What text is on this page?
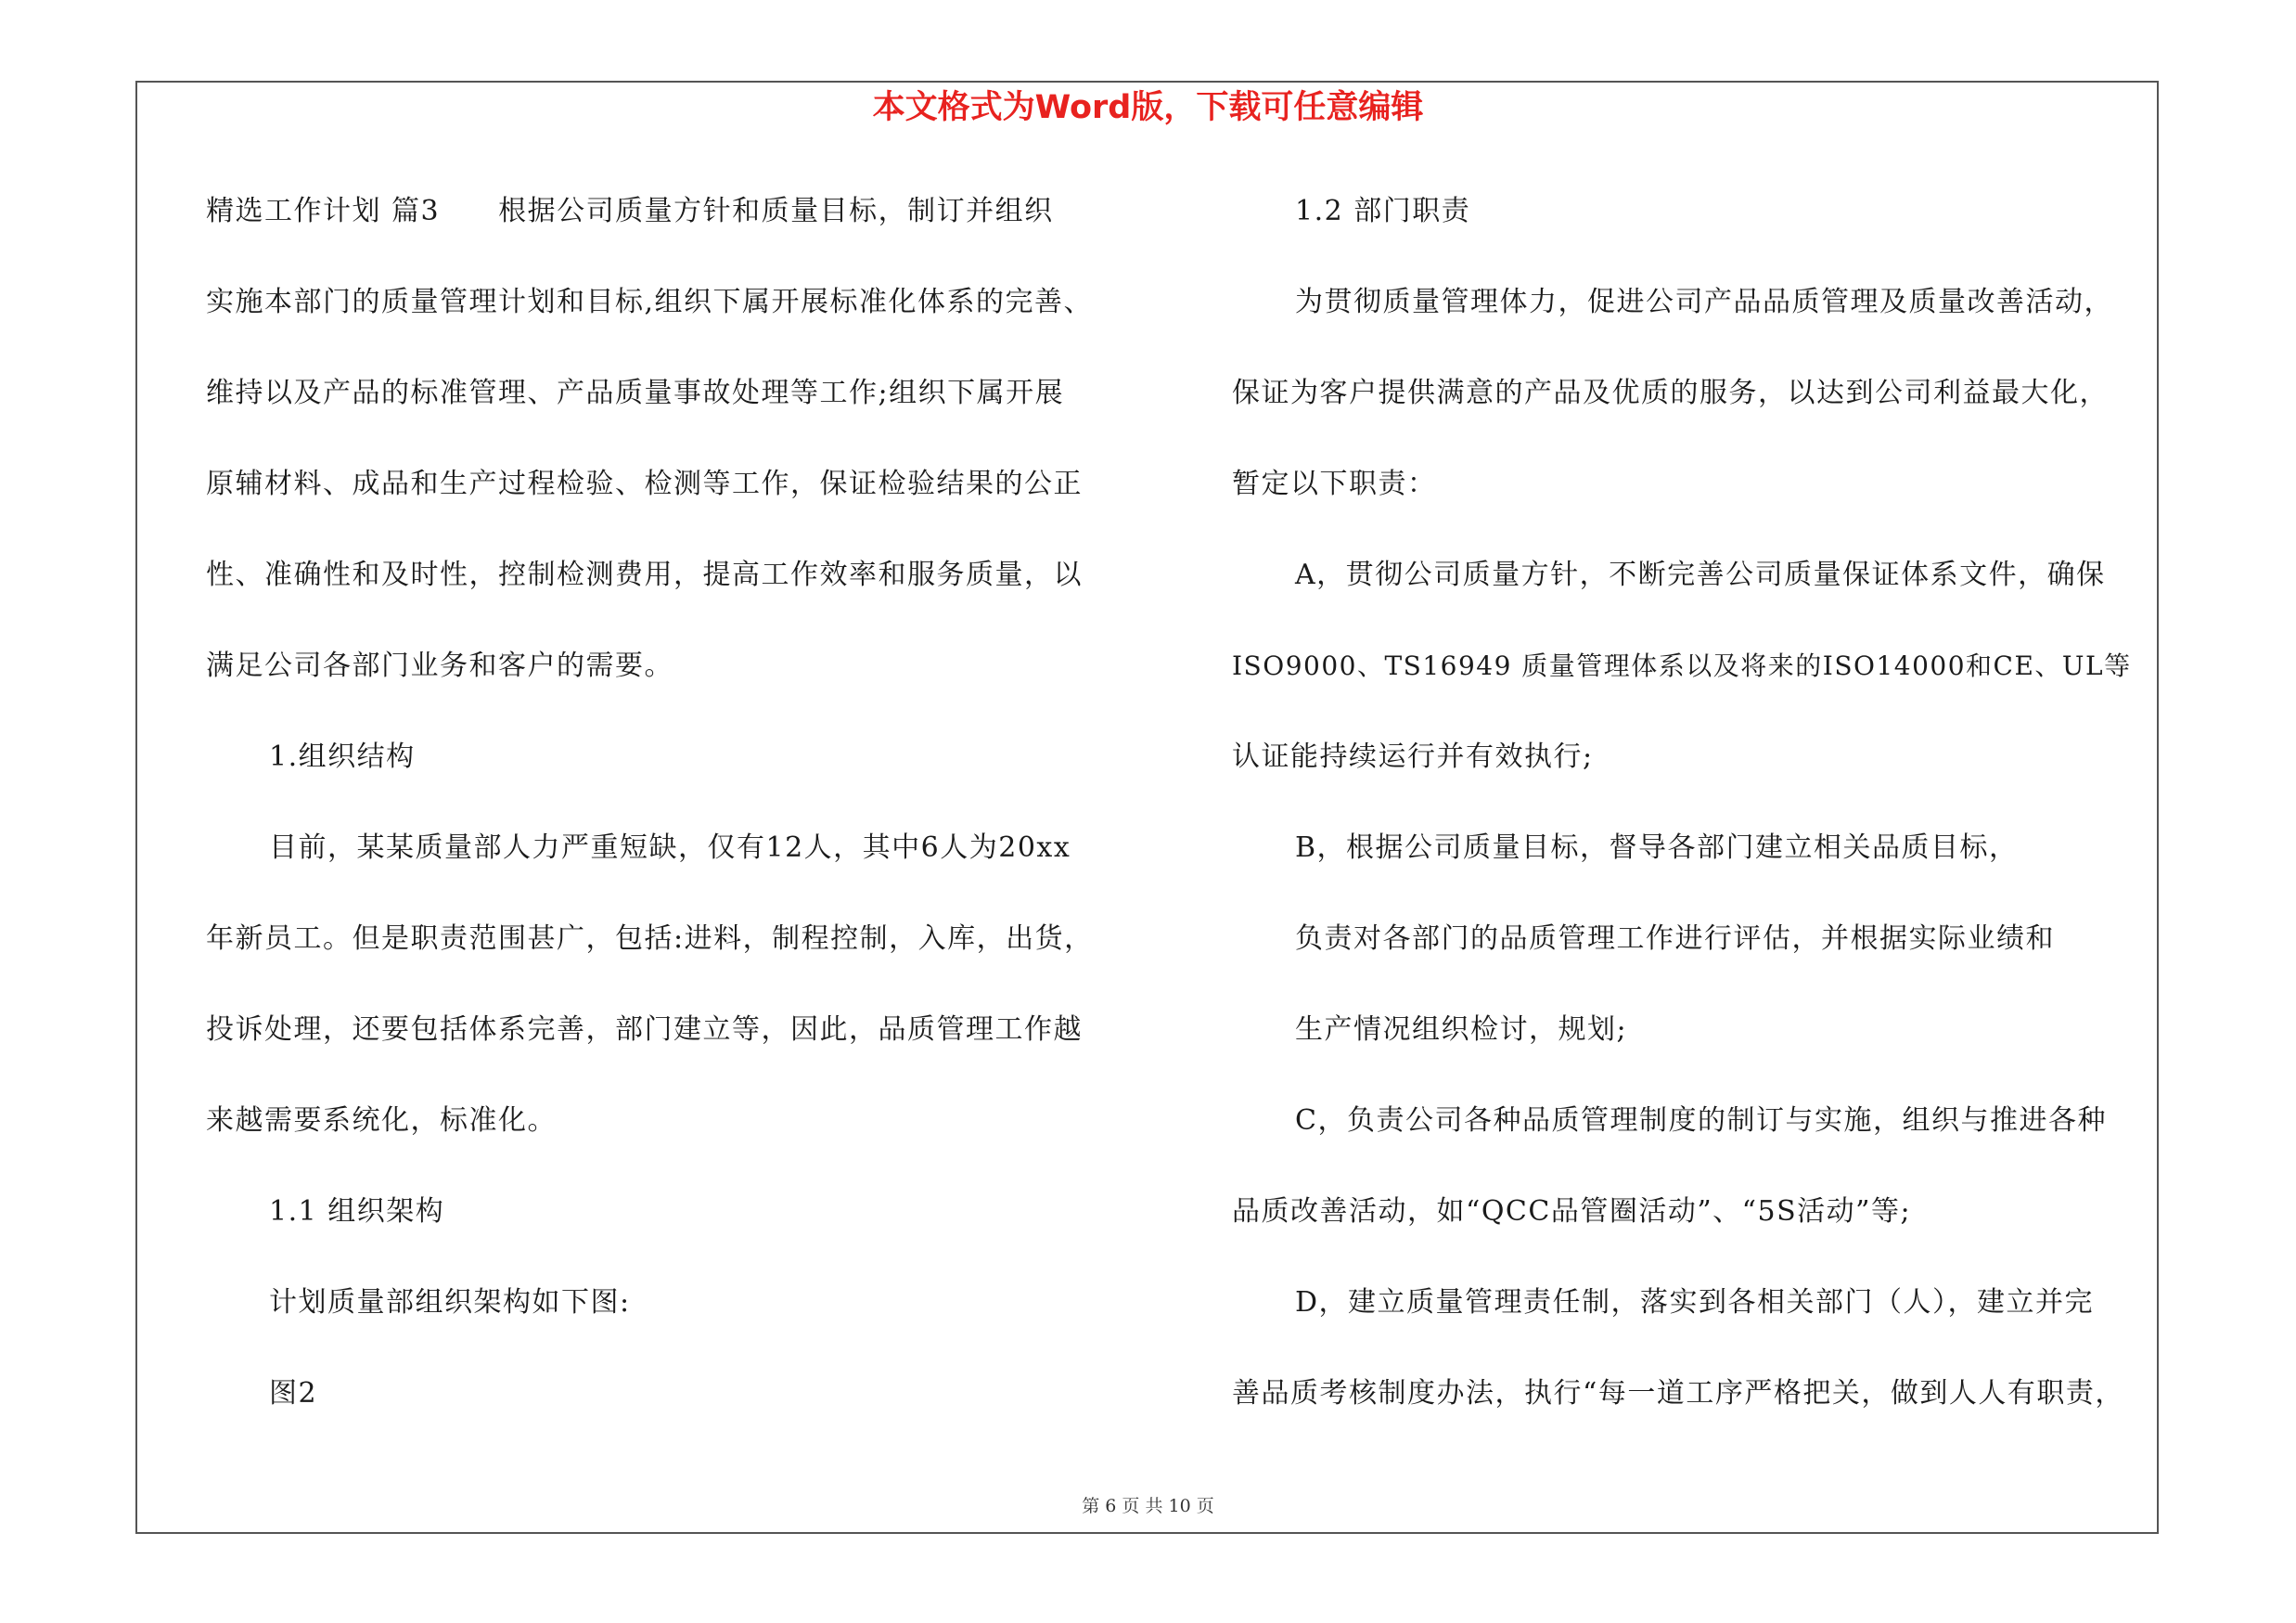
本文格式为Word版，下载可任意编辑

精选工作计划 篇3　　根据公司质量方针和质量目标，制订并组织

实施本部门的质量管理计划和目标,组织下属开展标准化体系的完善、

维持以及产品的标准管理、产品质量事故处理等工作;组织下属开展

原辅材料、成品和生产过程检验、检测等工作，保证检验结果的公正

性、准确性和及时性，控制检测费用，提高工作效率和服务质量，以

满足公司各部门业务和客户的需要。

1.组织结构

目前，某某质量部人力严重短缺，仅有12人，其中6人为20xx

年新员工。但是职责范围甚广，包括:进料，制程控制，入库，出货，

投诉处理，还要包括体系完善，部门建立等，因此，品质管理工作越

来越需要系统化，标准化。

1.1 组织架构

计划质量部组织架构如下图:

图2

1.2 部门职责

为贯彻质量管理体力，促进公司产品品质管理及质量改善活动，

保证为客户提供满意的产品及优质的服务，以达到公司利益最大化，

暂定以下职责：

A，贯彻公司质量方针，不断完善公司质量保证体系文件，确保

ISO9000、TS16949 质量管理体系以及将来的ISO14000和CE、UL等

认证能持续运行并有效执行;

B，根据公司质量目标，督导各部门建立相关品质目标，

负责对各部门的品质管理工作进行评估，并根据实际业绩和

生产情况组织检讨，规划;

C，负责公司各种品质管理制度的制订与实施，组织与推进各种

品质改善活动，如“QCC品管圈活动”、“5S活动”等;

D，建立质量管理责任制，落实到各相关部门（人），建立并完

善品质考核制度办法，执行“每一道工序严格把关，做到人人有职责，

第 6 页 共 10 页
